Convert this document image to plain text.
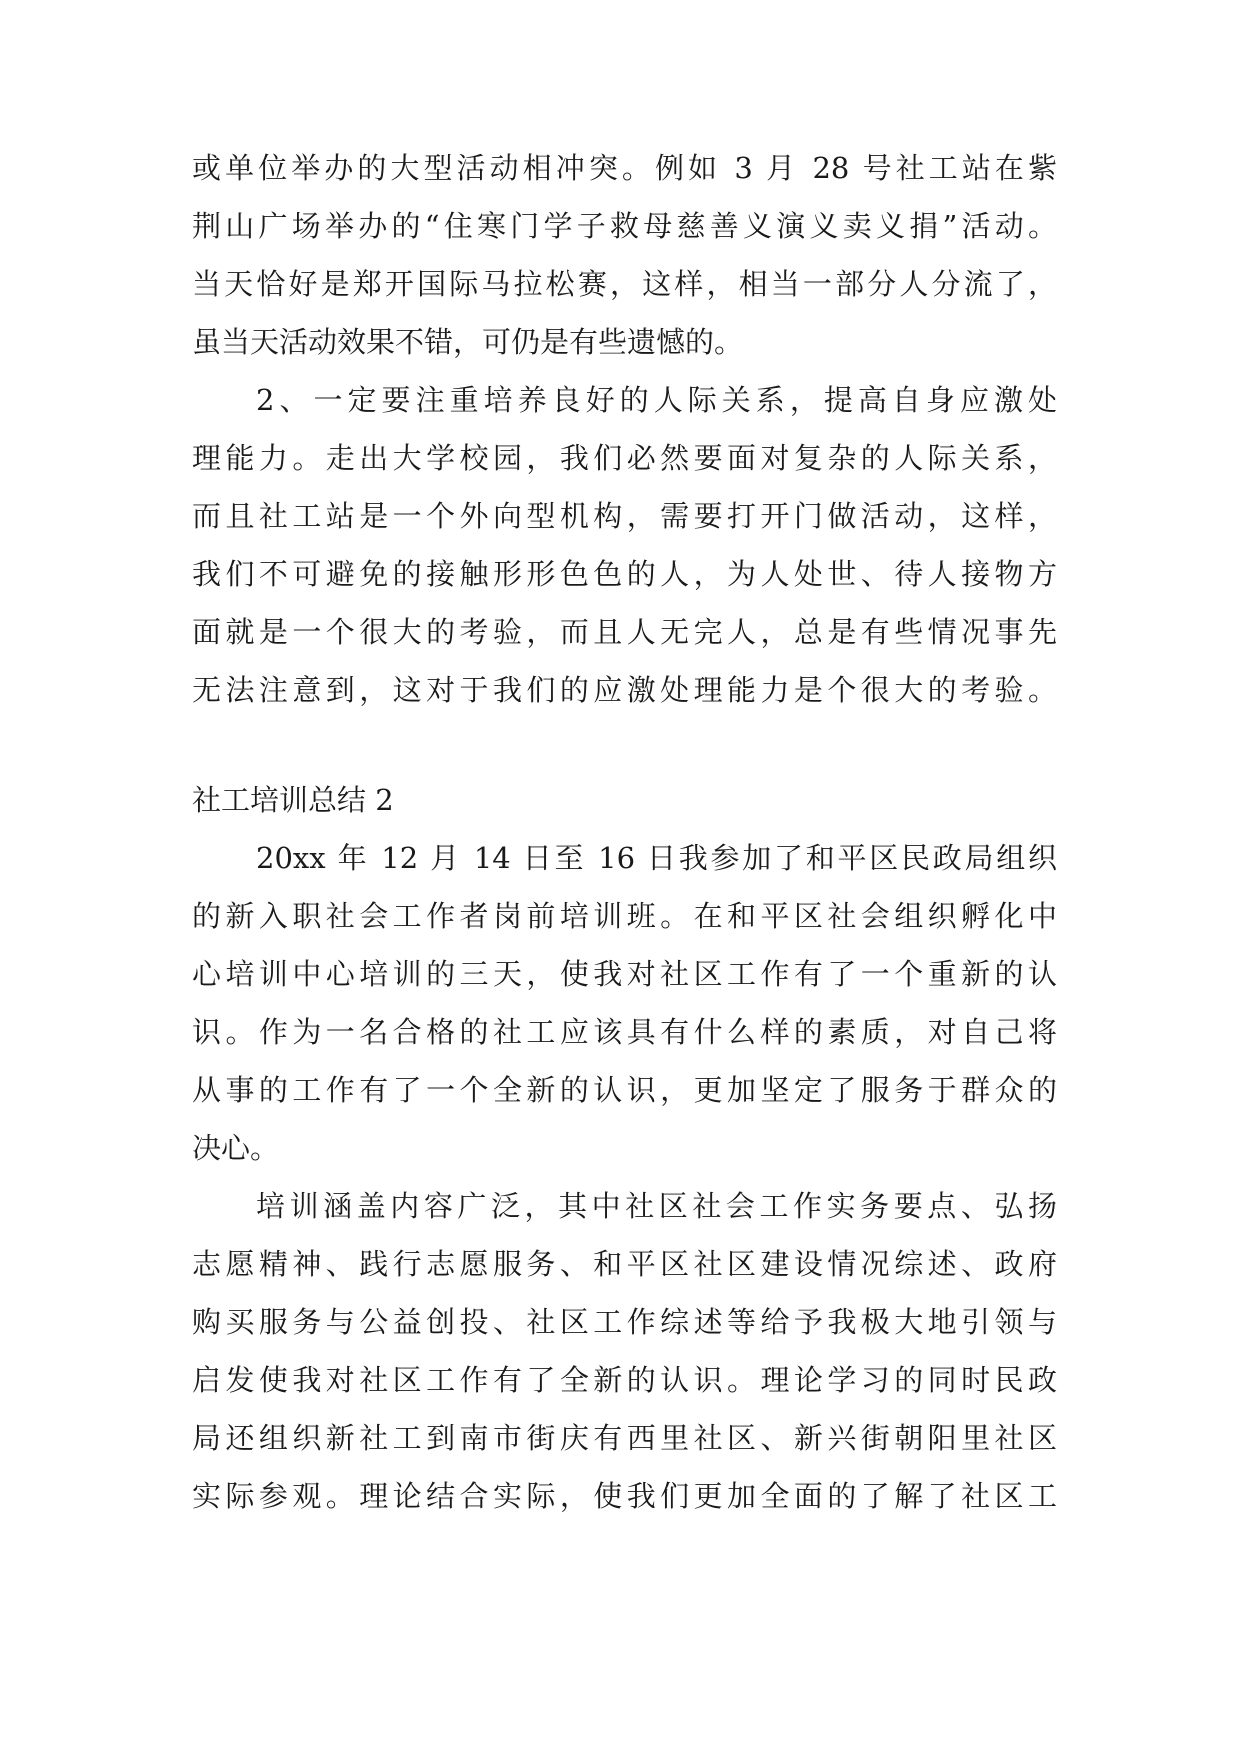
或单位举办的大型活动相冲突。例如 3 月 28 号社工站在紫
荆山广场举办的“住寒门学子救母慈善义演义卖义捐”活动。
当天恰好是郑开国际马拉松赛，这样，相当一部分人分流了，
虽当天活动效果不错，可仍是有些遗憾的。
2、一定要注重培养良好的人际关系，提高自身应激处
理能力。走出大学校园，我们必然要面对复杂的人际关系，
而且社工站是一个外向型机构，需要打开门做活动，这样，
我们不可避免的接触形形色色的人，为人处世、待人接物方
面就是一个很大的考验，而且人无完人，总是有些情况事先
无法注意到，这对于我们的应激处理能力是个很大的考验。
社工培训总结 2
20xx 年 12 月 14 日至 16 日我参加了和平区民政局组织
的新入职社会工作者岗前培训班。在和平区社会组织孵化中
心培训中心培训的三天，使我对社区工作有了一个重新的认
识。作为一名合格的社工应该具有什么样的素质，对自己将
从事的工作有了一个全新的认识，更加坚定了服务于群众的
决心。
培训涵盖内容广泛，其中社区社会工作实务要点、弘扬
志愿精神、践行志愿服务、和平区社区建设情况综述、政府
购买服务与公益创投、社区工作综述等给予我极大地引领与
启发使我对社区工作有了全新的认识。理论学习的同时民政
局还组织新社工到南市街庆有西里社区、新兴街朝阳里社区
实际参观。理论结合实际，使我们更加全面的了解了社区工
